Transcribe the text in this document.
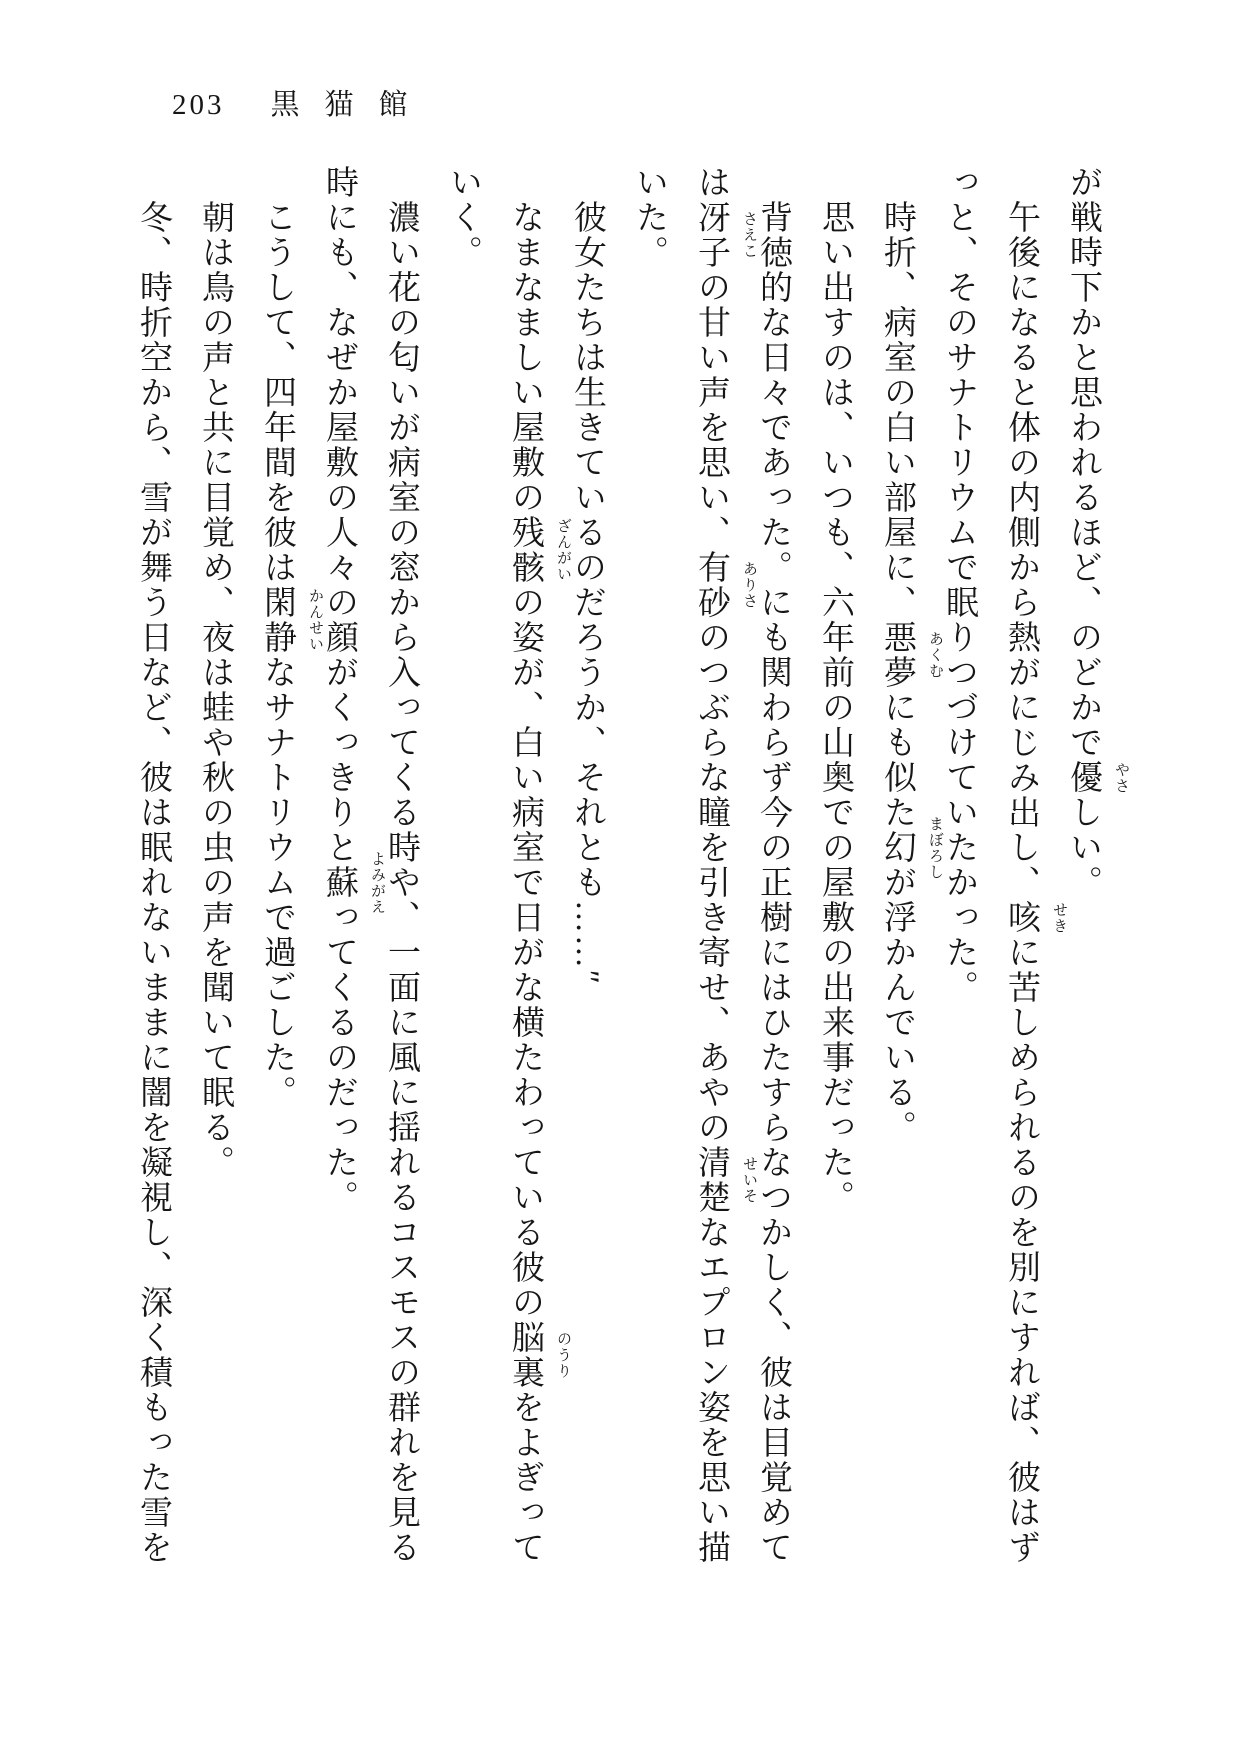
203 黒猫館

が戦時下かと思われるほど、のどかで優 やさ
しい。

午後になると体の内側から熱がにじみ出し、咳 せき
に苦しめられるのを別にすれば、彼はず

っと、そのサナトリウムで眠りつづけていたかった。

時折、病室の白い部屋に、悪夢 あくむ
にも似た幻 まぼろし
が浮かんでいる。

思い出すのは、いつも、六年前の山奥での屋敷の出来事だった。

背徳的な日々であった。にも関わらず今の正樹にはひたすらなつかしく、彼は目覚めて

は冴子 さえこ
の甘い声を思い、有砂 ありさ
のつぶらな瞳を引き寄せ、あやの清楚 せいそ
なエプロン姿を思い描

いた。

彼女たちは生きているのだろうか、それとも……″

なまなましい屋敷の残骸 ざんがい
の姿が、白い病室で日がな横たわっている彼の脳裏 のうり
をよぎって

いく。

濃い花の匂いが病室の窓から入ってくる時や、一面に風に揺れるコスモスの群れを見る

時にも、なぜか屋敷の人々の顔がくっきりと蘇 よみがえ
ってくるのだった。

こうして、四年間を彼は閑静 かんせい
なサナトリウムで過ごした。

朝は鳥の声と共に目覚め、夜は蛙や秋の虫の声を聞いて眠る。

冬、時折空から、雪が舞う日など、彼は眠れないままに闇を凝視し、深く積もった雪を
